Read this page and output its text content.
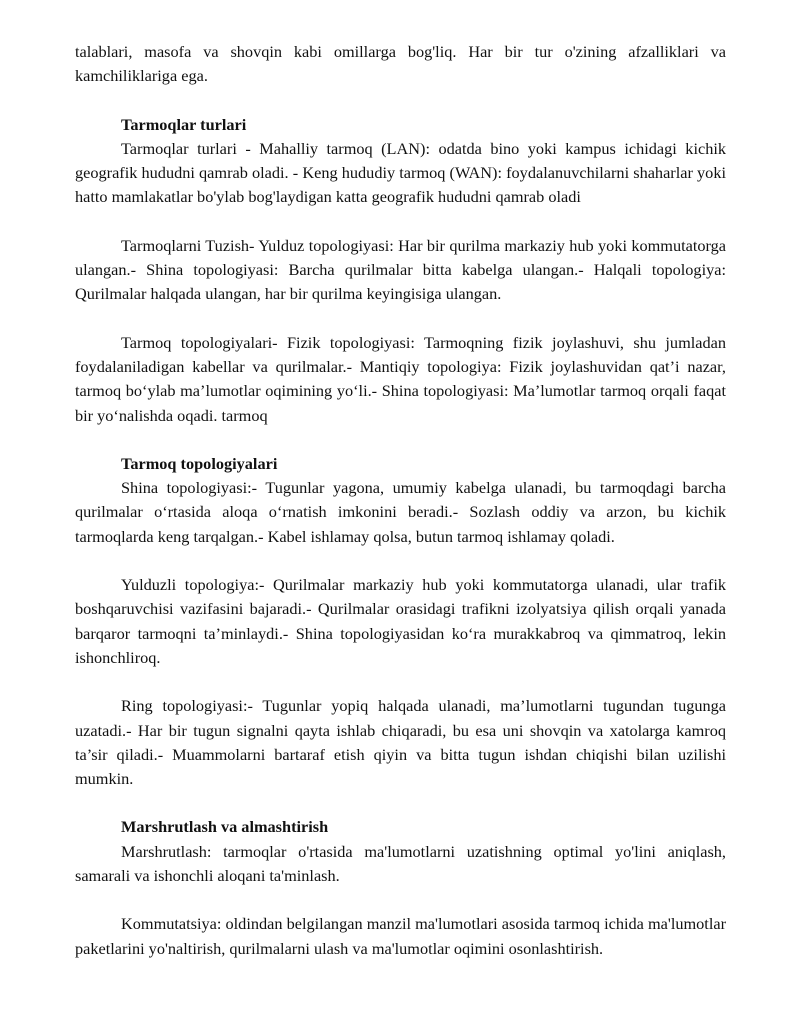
talablari, masofa va shovqin kabi omillarga bog'liq. Har bir tur o'zining afzalliklari va kamchiliklariga ega.

Tarmoqlar turlari

Tarmoqlar turlari - Mahalliy tarmoq (LAN): odatda bino yoki kampus ichidagi kichik geografik hududni qamrab oladi. - Keng hududiy tarmoq (WAN): foydalanuvchilarni shaharlar yoki hatto mamlakatlar bo'ylab bog'laydigan katta geografik hududni qamrab oladi

Tarmoqlarni Tuzish- Yulduz topologiyasi: Har bir qurilma markaziy hub yoki kommutatorga ulangan.- Shina topologiyasi: Barcha qurilmalar bitta kabelga ulangan.- Halqali topologiya: Qurilmalar halqada ulangan, har bir qurilma keyingisiga ulangan.

Tarmoq topologiyalari- Fizik topologiyasi: Tarmoqning fizik joylashuvi, shu jumladan foydalaniladigan kabellar va qurilmalar.- Mantiqiy topologiya: Fizik joylashuvidan qat’i nazar, tarmoq bo‘ylab ma’lumotlar oqimining yo‘li.- Shina topologiyasi: Ma’lumotlar tarmoq orqali faqat bir yo‘nalishda oqadi. tarmoq

Tarmoq topologiyalari

Shina topologiyasi:- Tugunlar yagona, umumiy kabelga ulanadi, bu tarmoqdagi barcha qurilmalar o‘rtasida aloqa o‘rnatish imkonini beradi.- Sozlash oddiy va arzon, bu kichik tarmoqlarda keng tarqalgan.- Kabel ishlamay qolsa, butun tarmoq ishlamay qoladi.

Yulduzli topologiya:- Qurilmalar markaziy hub yoki kommutatorga ulanadi, ular trafik boshqaruvchisi vazifasini bajaradi.- Qurilmalar orasidagi trafikni izolyatsiya qilish orqali yanada barqaror tarmoqni ta’minlaydi.- Shina topologiyasidan ko‘ra murakkabroq va qimmatroq, lekin ishonchliroq.

Ring topologiyasi:- Tugunlar yopiq halqada ulanadi, ma’lumotlarni tugundan tugunga uzatadi.- Har bir tugun signalni qayta ishlab chiqaradi, bu esa uni shovqin va xatolarga kamroq ta’sir qiladi.- Muammolarni bartaraf etish qiyin va bitta tugun ishdan chiqishi bilan uzilishi mumkin.

Marshrutlash va almashtirish

Marshrutlash: tarmoqlar o'rtasida ma'lumotlarni uzatishning optimal yo'lini aniqlash, samarali va ishonchli aloqani ta'minlash.

Kommutatsiya: oldindan belgilangan manzil ma'lumotlari asosida tarmoq ichida ma'lumotlar paketlarini yo'naltirish, qurilmalarni ulash va ma'lumotlar oqimini osonlashtirish.
